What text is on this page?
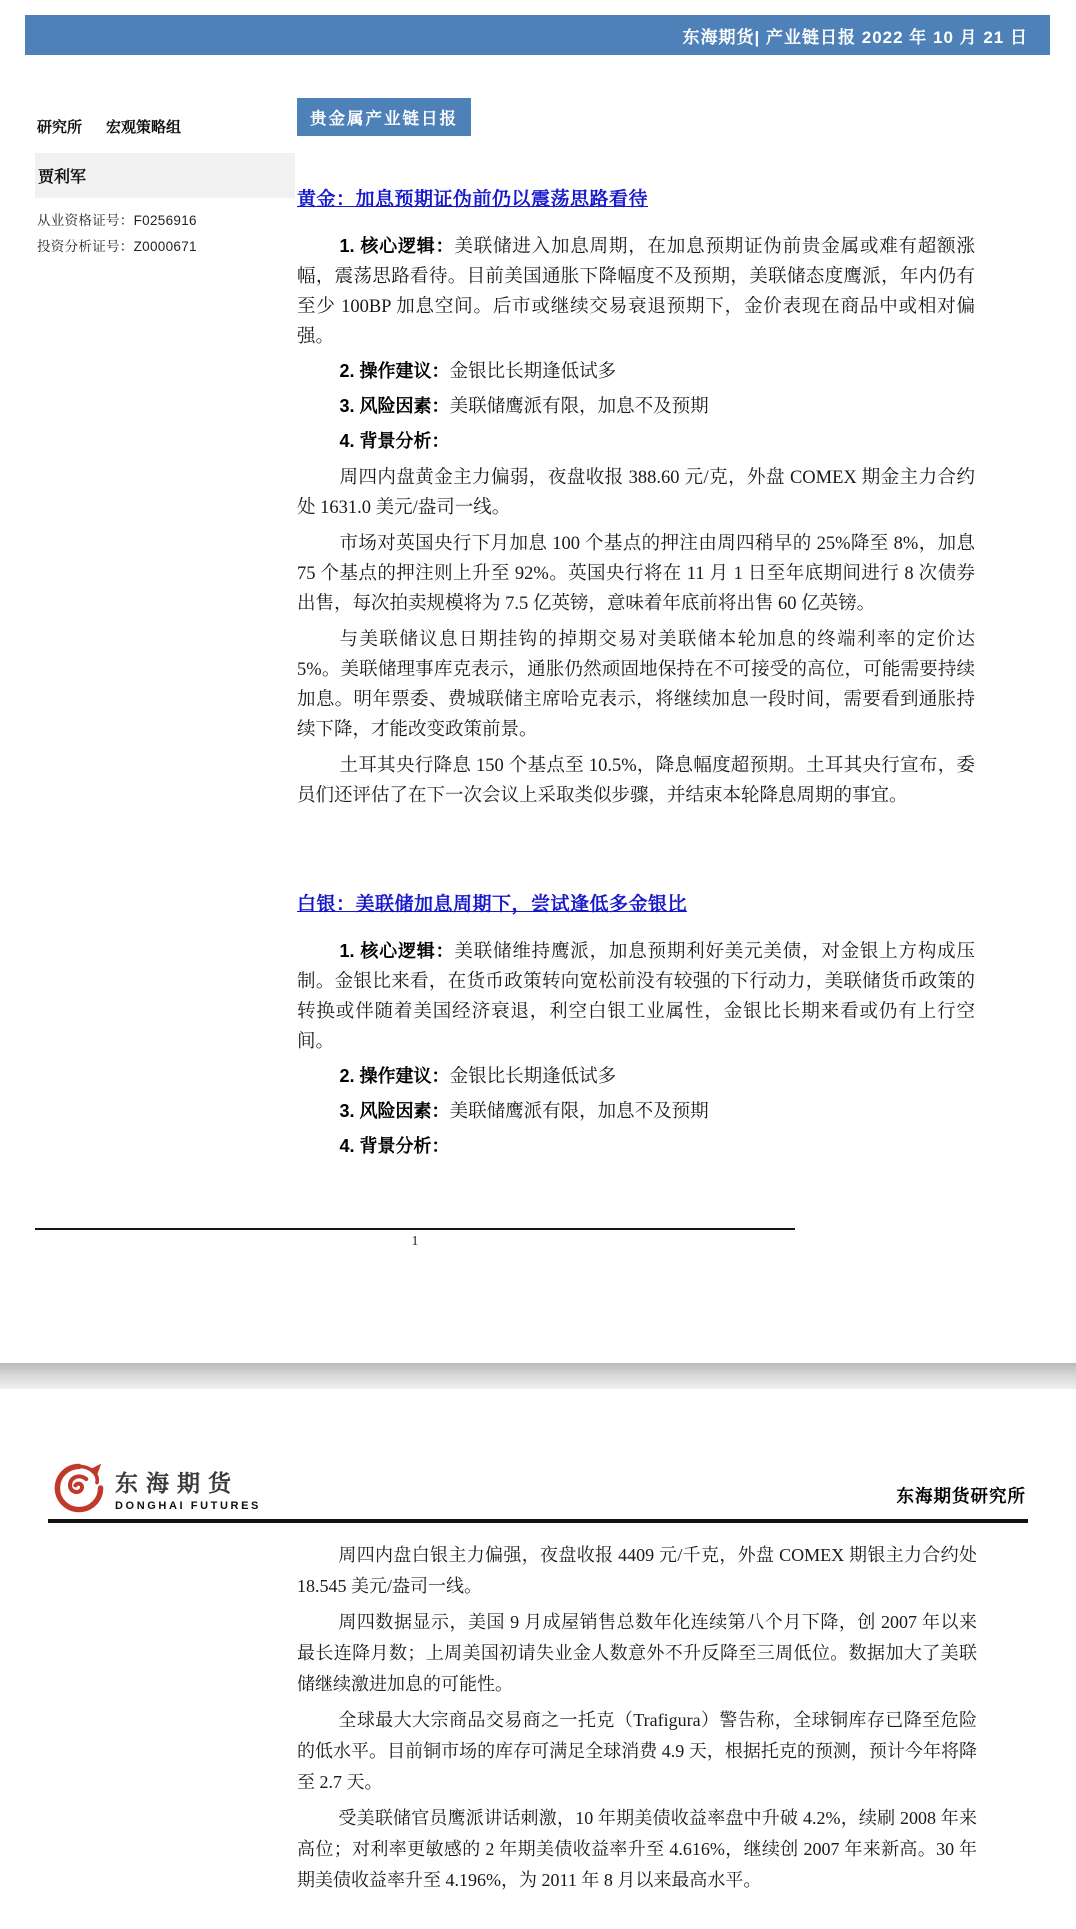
东海期货| 产业链日报 2022 年 10 月 21 日
研究所 宏观策略组
贾利军
从业资格证号：F0256916
投资分析证号：Z0000671
贵金属产业链日报
黄金：加息预期证伪前仍以震荡思路看待
1. 核心逻辑：美联储进入加息周期，在加息预期证伪前贵金属或难有超额涨幅，震荡思路看待。目前美国通胀下降幅度不及预期，美联储态度鹰派，年内仍有至少 100BP 加息空间。后市或继续交易衰退预期下，金价表现在商品中或相对偏强。
2. 操作建议：金银比长期逢低试多
3. 风险因素：美联储鹰派有限，加息不及预期
4. 背景分析：

周四内盘黄金主力偏弱，夜盘收报 388.60 元/克，外盘 COMEX 期金主力合约处 1631.0 美元/盎司一线。

市场对英国央行下月加息 100 个基点的押注由周四稍早的 25%降至 8%，加息 75 个基点的押注则上升至 92%。英国央行将在 11 月 1 日至年底期间进行 8 次债券出售，每次拍卖规模将为 7.5 亿英镑，意味着年底前将出售 60 亿英镑。

与美联储议息日期挂钩的掉期交易对美联储本轮加息的终端利率的定价达 5%。美联储理事库克表示，通胀仍然顽固地保持在不可接受的高位，可能需要持续加息。明年票委、费城联储主席哈克表示，将继续加息一段时间，需要看到通胀持续下降，才能改变政策前景。

土耳其央行降息 150 个基点至 10.5%，降息幅度超预期。土耳其央行宣布，委员们还评估了在下一次会议上采取类似步骤，并结束本轮降息周期的事宜。

白银：美联储加息周期下，尝试逢低多金银比
1. 核心逻辑：美联储维持鹰派，加息预期利好美元美债，对金银上方构成压制。金银比来看，在货币政策转向宽松前没有较强的下行动力，美联储货币政策的转换或伴随着美国经济衰退，利空白银工业属性，金银比长期来看或仍有上行空间。
2. 操作建议：金银比长期逢低试多
3. 风险因素：美联储鹰派有限，加息不及预期
4. 背景分析：
1
东海期货
DONGHAI FUTURES	东海期货研究所

周四内盘白银主力偏强，夜盘收报 4409 元/千克，外盘 COMEX 期银主力合约处 18.545 美元/盎司一线。

周四数据显示，美国 9 月成屋销售总数年化连续第八个月下降，创 2007 年以来最长连降月数；上周美国初请失业金人数意外不升反降至三周低位。数据加大了美联储继续激进加息的可能性。

全球最大大宗商品交易商之一托克（Trafigura）警告称，全球铜库存已降至危险的低水平。目前铜市场的库存可满足全球消费 4.9 天，根据托克的预测，预计今年将降至 2.7 天。

受美联储官员鹰派讲话刺激，10 年期美债收益率盘中升破 4.2%，续刷 2008 年来高位；对利率更敏感的 2 年期美债收益率升至 4.616%，继续创 2007 年来新高。30 年期美债收益率升至 4.196%，为 2011 年 8 月以来最高水平。
